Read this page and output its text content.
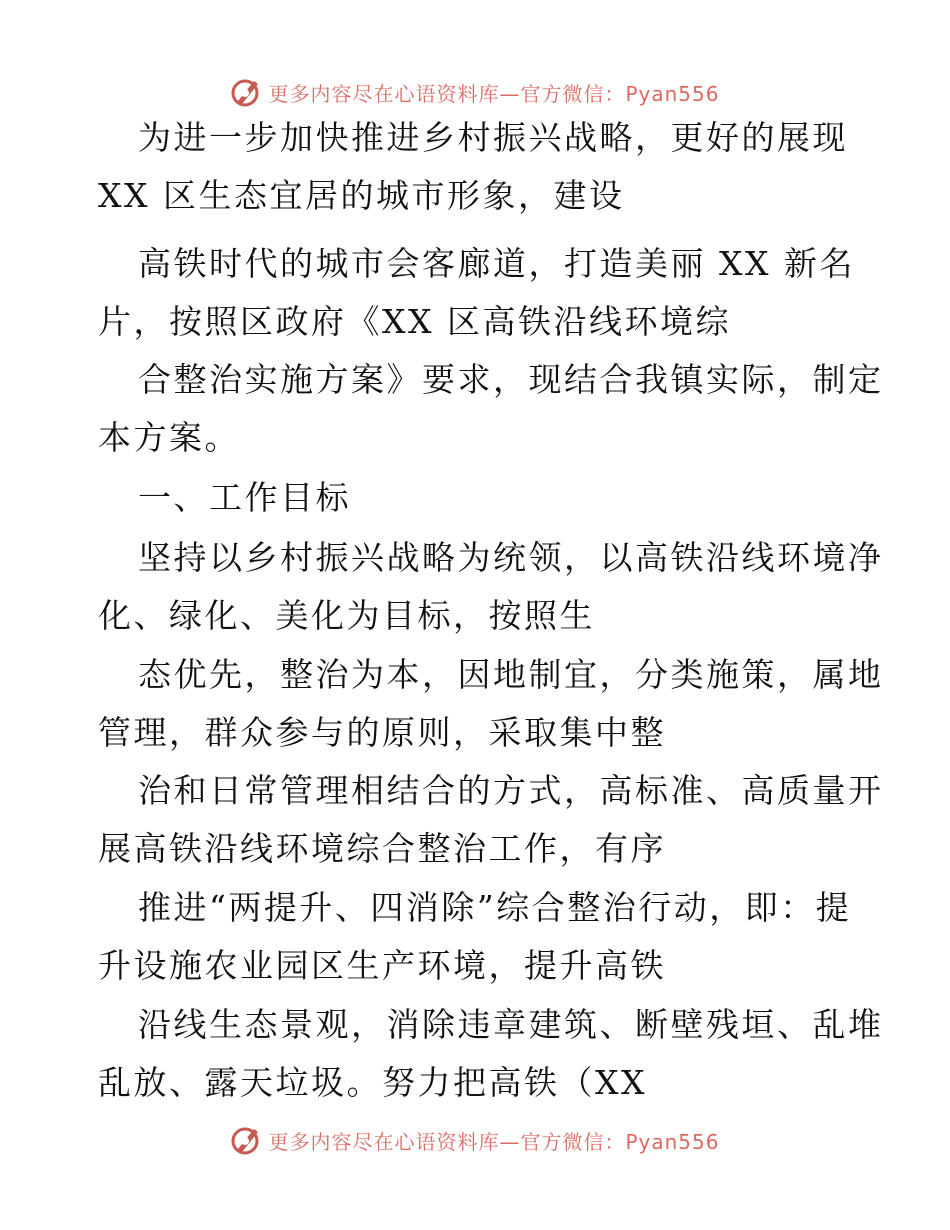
更多内容尽在心语资料库—官方微信：Pyan556
为进一步加快推进乡村振兴战略，更好的展现
XX 区生态宜居的城市形象，建设
高铁时代的城市会客廊道，打造美丽 XX 新名
片，按照区政府《XX 区高铁沿线环境综
合整治实施方案》要求，现结合我镇实际，制定
本方案。
一、工作目标
坚持以乡村振兴战略为统领，以高铁沿线环境净
化、绿化、美化为目标，按照生
态优先，整治为本，因地制宜，分类施策，属地
管理，群众参与的原则，采取集中整
治和日常管理相结合的方式，高标准、高质量开
展高铁沿线环境综合整治工作，有序
推进“两提升、四消除”综合整治行动，即：提
升设施农业园区生产环境，提升高铁
沿线生态景观，消除违章建筑、断壁残垣、乱堆
乱放、露天垃圾。努力把高铁（XX
更多内容尽在心语资料库—官方微信：Pyan556
